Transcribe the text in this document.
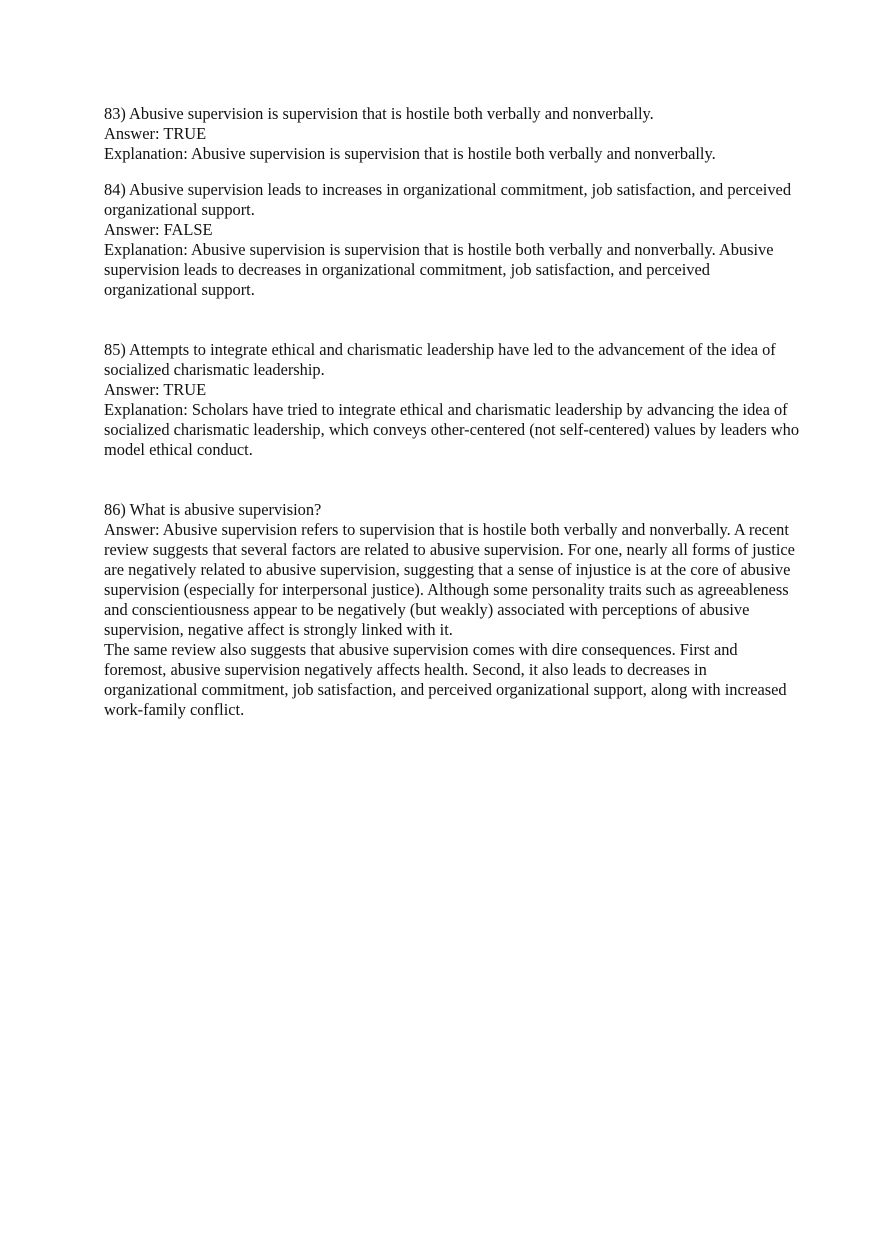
83) Abusive supervision is supervision that is hostile both verbally and nonverbally.

Answer: TRUE

Explanation: Abusive supervision is supervision that is hostile both verbally and nonverbally.

84) Abusive supervision leads to increases in organizational commitment, job satisfaction, and perceived organizational support.

Answer: FALSE

Explanation: Abusive supervision is supervision that is hostile both verbally and nonverbally. Abusive supervision leads to decreases in organizational commitment, job satisfaction, and perceived organizational support.

85) Attempts to integrate ethical and charismatic leadership have led to the advancement of the idea of socialized charismatic leadership.

Answer: TRUE

Explanation: Scholars have tried to integrate ethical and charismatic leadership by advancing the idea of socialized charismatic leadership, which conveys other-centered (not self-centered) values by leaders who model ethical conduct.

86) What is abusive supervision?

Answer: Abusive supervision refers to supervision that is hostile both verbally and nonverbally. A recent review suggests that several factors are related to abusive supervision. For one, nearly all forms of justice are negatively related to abusive supervision, suggesting that a sense of injustice is at the core of abusive supervision (especially for interpersonal justice). Although some personality traits such as agreeableness and conscientiousness appear to be negatively (but weakly) associated with perceptions of abusive supervision, negative affect is strongly linked with it.

The same review also suggests that abusive supervision comes with dire consequences. First and foremost, abusive supervision negatively affects health. Second, it also leads to decreases in organizational commitment, job satisfaction, and perceived organizational support, along with increased work-family conflict.
